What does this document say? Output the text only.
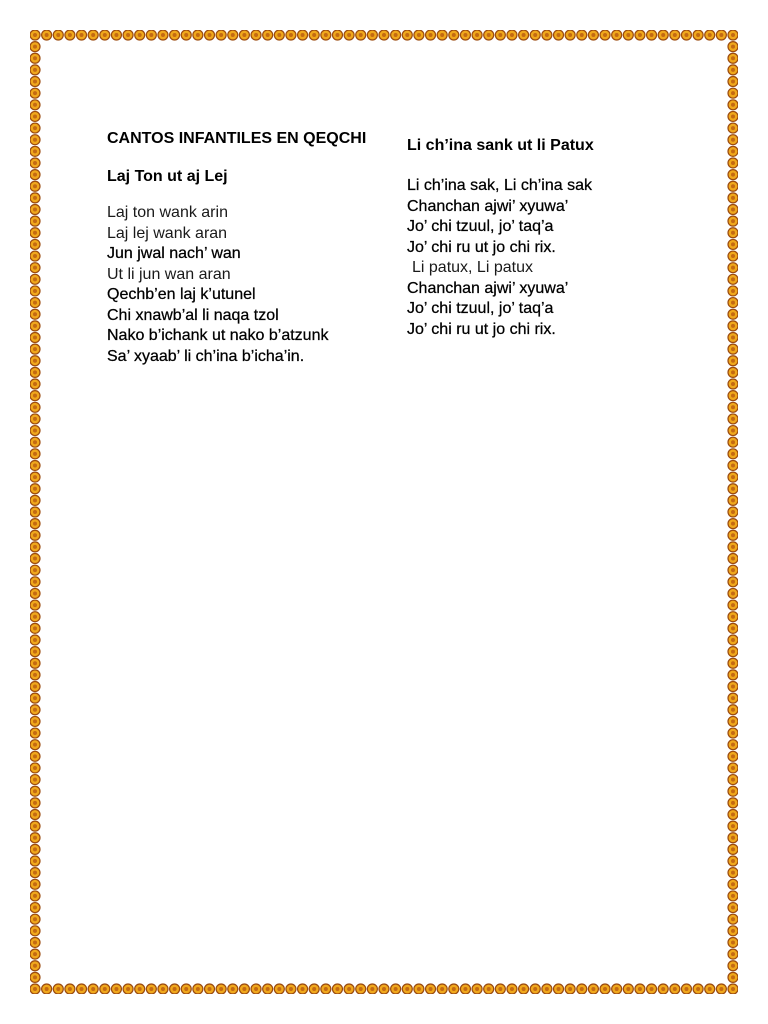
CANTOS INFANTILES EN QEQCHI

Laj Ton ut aj Lej

Laj ton wank arin
Laj lej wank aran
Jun jwal nach’ wan
Ut li jun wan aran
Qechb’en laj k’utunel
Chi xnawb’al li naqa tzol
Nako b’ichank ut nako b’atzunk
Sa’ xyaab’ li ch’ina b’icha’in.

Li ch’ina sank ut li Patux

Li ch’ina sak, Li ch’ina sak
Chanchan ajwi’ xyuwa’
Jo’ chi tzuul, jo’ taq’a
Jo’ chi ru ut jo chi rix.
Li patux, Li patux
Chanchan ajwi’ xyuwa’
Jo’ chi tzuul, jo’ taq’a
Jo’ chi ru ut jo chi rix.
